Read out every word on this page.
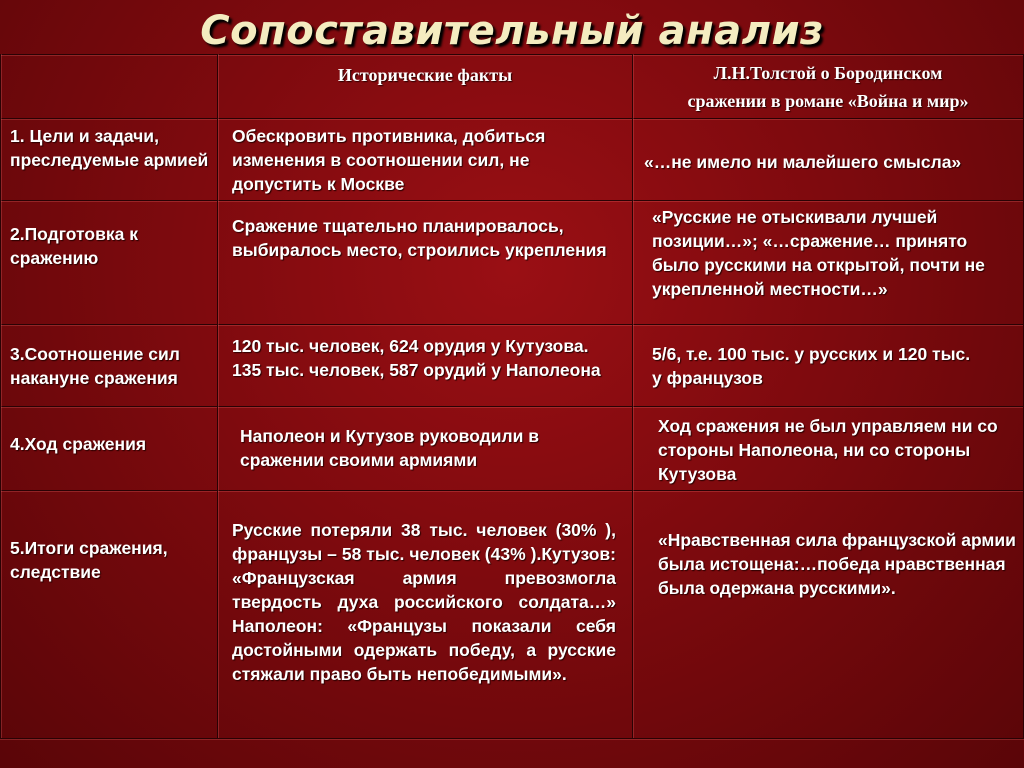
Сопоставительный анализ
Исторические факты	Л.Н.Толстой о Бородинском
сражении в романе «Война и мир»
1. Цели и задачи, преследуемые армией
Обескровить противника, добиться изменения в соотношении сил, не допустить к Москве
«…не имело ни малейшего смысла»
2.Подготовка к сражению
Сражение тщательно планировалось, выбиралось место, строились укрепления
«Русские не отыскивали лучшей позиции…»; «…сражение… принято было русскими на открытой, почти не укрепленной местности…»
3.Соотношение сил накануне сражения
120 тыс. человек, 624 орудия у Кутузова. 135 тыс. человек, 587 орудий у Наполеона
5/6, т.е. 100 тыс. у русских и 120 тыс. у французов
4.Ход сражения	Наполеон и Кутузов руководили в сражении своими армиями
Ход сражения не был управляем ни со стороны Наполеона, ни со стороны Кутузова
5.Итоги сражения, следствие
Русские потеряли 38 тыс. человек (30% ), французы – 58 тыс. человек (43% ).Кутузов: «Французская армия превозмогла твердость духа российского солдата…» Наполеон: «Французы показали себя достойными одержать победу, а русские стяжали право быть непобедимыми».
«Нравственная сила французской армии была истощена:…победа нравственная была одержана русскими».
